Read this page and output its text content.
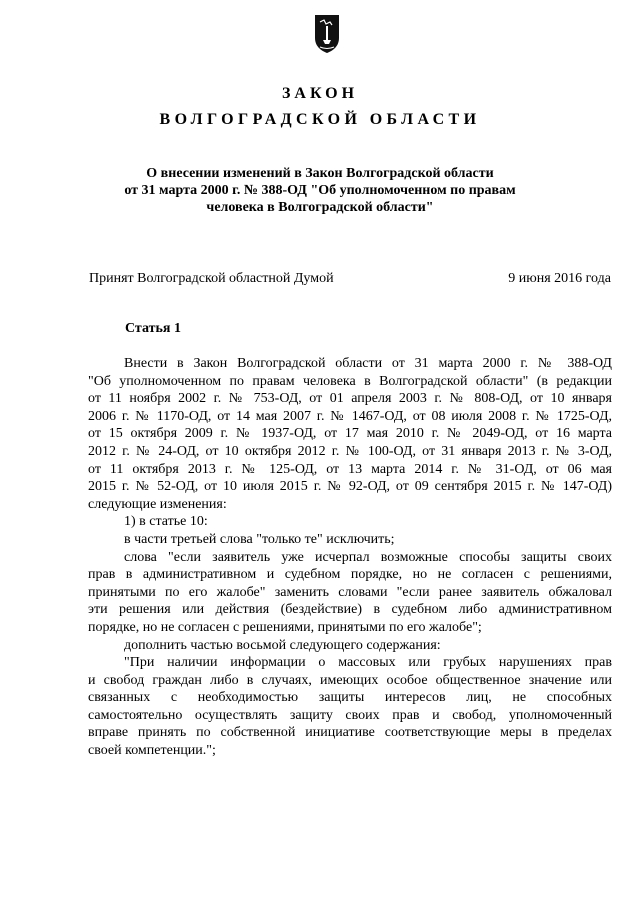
ЗАКОН
ВОЛГОГРАДСКОЙ ОБЛАСТИ
О внесении изменений в Закон Волгоградской области
от 31 марта 2000 г. № 388-ОД "Об уполномоченном по правам
человека в Волгоградской области"
Принят Волгоградской областной Думой	9 июня 2016 года
Статья 1
Внести в Закон Волгоградской области от 31 марта 2000 г. № 388-ОД
"Об уполномоченном по правам человека в Волгоградской области" (в редакции
от 11 ноября 2002 г. № 753-ОД, от 01 апреля 2003 г. № 808-ОД, от 10 января
2006 г. № 1170-ОД, от 14 мая 2007 г. № 1467-ОД, от 08 июля 2008 г. № 1725-ОД,
от 15 октября 2009 г. № 1937-ОД, от 17 мая 2010 г. № 2049-ОД, от 16 марта
2012 г. № 24-ОД, от 10 октября 2012 г. № 100-ОД, от 31 января 2013 г. № 3-ОД,
от 11 октября 2013 г. № 125-ОД, от 13 марта 2014 г. № 31-ОД, от 06 мая
2015 г. № 52-ОД, от 10 июля 2015 г. № 92-ОД, от 09 сентября 2015 г. № 147-ОД)
следующие изменения:
1) в статье 10:
в части третьей слова "только те" исключить;
слова "если заявитель уже исчерпал возможные способы защиты своих
прав в административном и судебном порядке, но не согласен с решениями,
принятыми по его жалобе" заменить словами "если ранее заявитель обжаловал
эти решения или действия (бездействие) в судебном либо административном
порядке, но не согласен с решениями, принятыми по его жалобе";
дополнить частью восьмой следующего содержания:
"При наличии информации о массовых или грубых нарушениях прав
и свобод граждан либо в случаях, имеющих особое общественное значение или
связанных с необходимостью защиты интересов лиц, не способных
самостоятельно осуществлять защиту своих прав и свобод, уполномоченный
вправе принять по собственной инициативе соответствующие меры в пределах
своей компетенции.";
